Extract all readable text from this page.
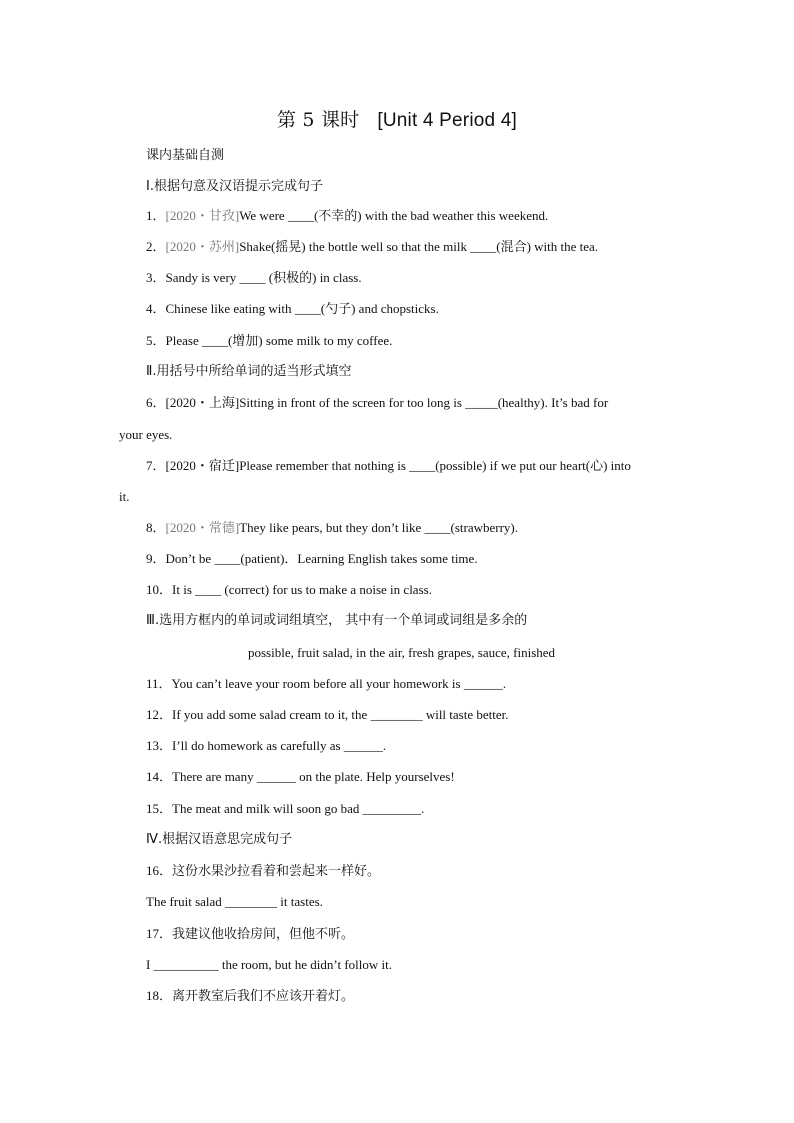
第 5 课时 [Unit 4 Period 4]
课内基础自测
Ⅰ.根据句意及汉语提示完成句子
1．[2020・甘孜]We were ____(不幸的) with the bad weather this weekend.
2．[2020・苏州]Shake(摇晃) the bottle well so that the milk ____(混合) with the tea.
3．Sandy is very ____ (积极的) in class.
4．Chinese like eating with ____(勺子) and chopsticks.
5．Please ____(增加) some milk to my coffee.
Ⅱ.用括号中所给单词的适当形式填空
6．[2020・上海]Sitting in front of the screen for too long is _____(healthy). It’s bad for
your eyes.
7．[2020・宿迁]Please remember that nothing is ____(possible) if we put our heart(心) into
it.
8．[2020・常德]They like pears, but they don’t like ____(strawberry).
9．Don’t be ____(patient)．Learning English takes some time.
10．It is ____ (correct) for us to make a noise in class.
Ⅲ.选用方框内的单词或词组填空， 其中有一个单词或词组是多余的
possible, fruit salad, in the air, fresh grapes, sauce, finished
11．You can’t leave your room before all your homework is ______.
12．If you add some salad cream to it, the ________ will taste better.
13．I’ll do homework as carefully as ______.
14．There are many ______ on the plate. Help yourselves!
15．The meat and milk will soon go bad _________.
Ⅳ.根据汉语意思完成句子
16．这份水果沙拉看着和尝起来一样好。
The fruit salad ________ it tastes.
17．我建议他收拾房间，但他不听。
I __________ the room, but he didn’t follow it.
18．离开教室后我们不应该开着灯。
